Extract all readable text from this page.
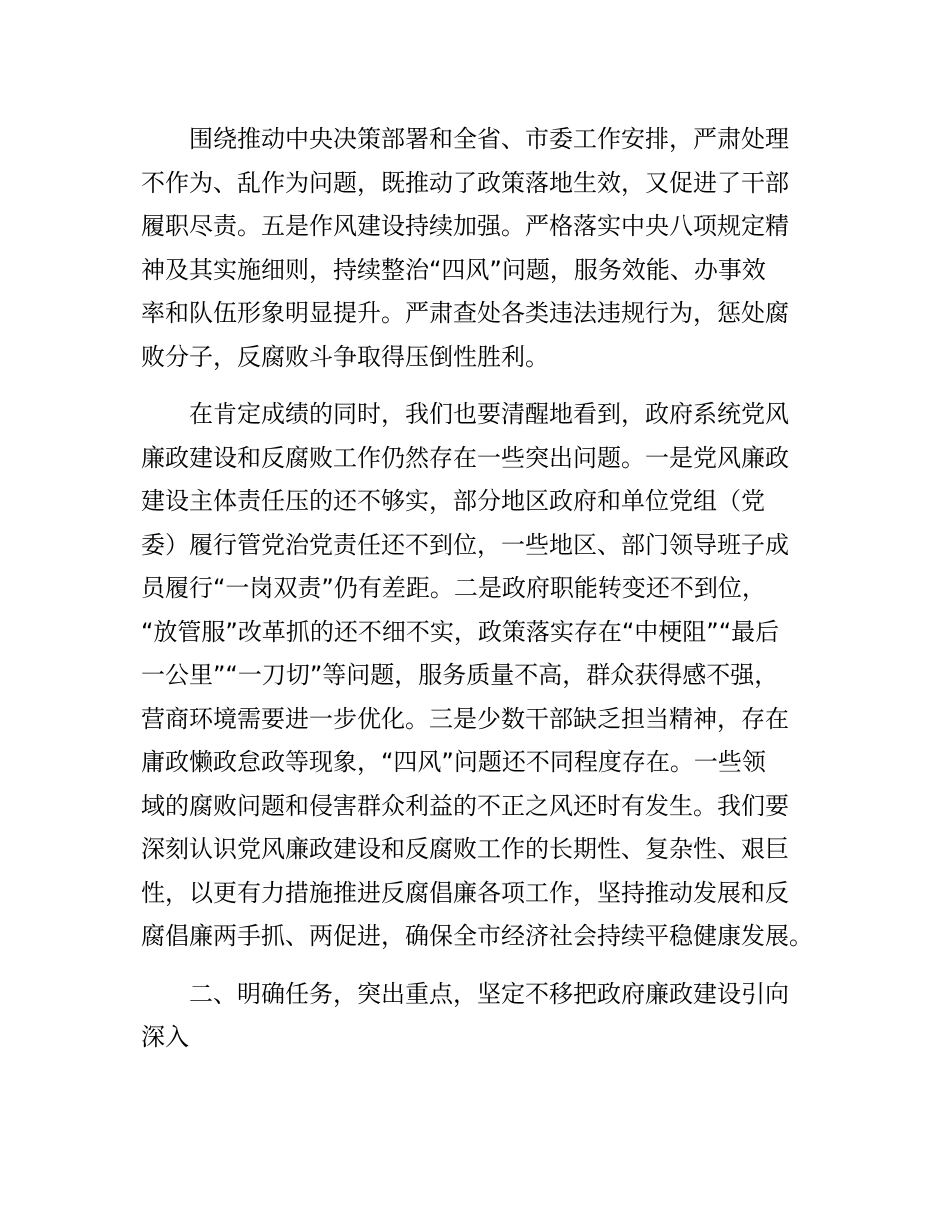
围绕推动中央决策部署和全省、市委工作安排，严肃处理
不作为、乱作为问题，既推动了政策落地生效，又促进了干部
履职尽责。五是作风建设持续加强。严格落实中央八项规定精
神及其实施细则，持续整治“四风”问题，服务效能、办事效
率和队伍形象明显提升。严肃查处各类违法违规行为，惩处腐
败分子，反腐败斗争取得压倒性胜利。
在肯定成绩的同时，我们也要清醒地看到，政府系统党风
廉政建设和反腐败工作仍然存在一些突出问题。一是党风廉政
建设主体责任压的还不够实，部分地区政府和单位党组（党
委）履行管党治党责任还不到位，一些地区、部门领导班子成
员履行“一岗双责”仍有差距。二是政府职能转变还不到位，
“放管服”改革抓的还不细不实，政策落实存在“中梗阻”“最后
一公里”“一刀切”等问题，服务质量不高，群众获得感不强，
营商环境需要进一步优化。三是少数干部缺乏担当精神，存在
庸政懒政怠政等现象，“四风”问题还不同程度存在。一些领
域的腐败问题和侵害群众利益的不正之风还时有发生。我们要
深刻认识党风廉政建设和反腐败工作的长期性、复杂性、艰巨
性，以更有力措施推进反腐倡廉各项工作，坚持推动发展和反
腐倡廉两手抓、两促进，确保全市经济社会持续平稳健康发展。
二、明确任务，突出重点，坚定不移把政府廉政建设引向
深入
